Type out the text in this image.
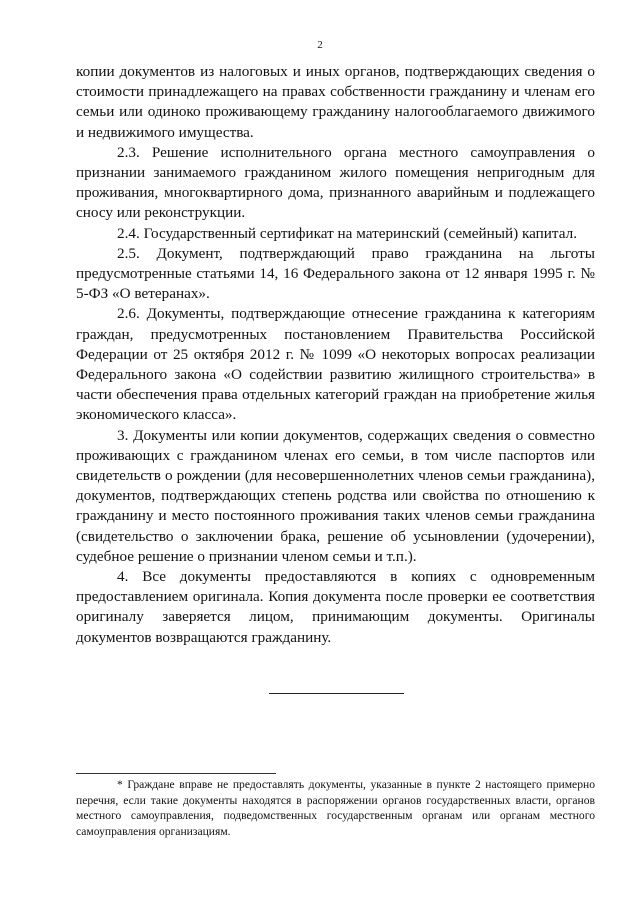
2

копии документов из налоговых и иных органов, подтверждающих сведения о стоимости принадлежащего на правах собственности гражданину и членам его семьи или одиноко проживающему гражданину налогооблагаемого движимого и недвижимого имущества.

2.3. Решение исполнительного органа местного самоуправления о признании занимаемого гражданином жилого помещения непригодным для проживания, многоквартирного дома, признанного аварийным и подлежащего сносу или реконструкции.

2.4. Государственный сертификат на материнский (семейный) капитал.

2.5. Документ, подтверждающий право гражданина на льготы предусмотренные статьями 14, 16 Федерального закона от 12 января 1995 г. № 5-ФЗ «О ветеранах».

2.6. Документы, подтверждающие отнесение гражданина к категориям граждан, предусмотренных постановлением Правительства Российской Федерации от 25 октября 2012 г. № 1099 «О некоторых вопросах реализации Федерального закона «О содействии развитию жилищного строительства» в части обеспечения права отдельных категорий граждан на приобретение жилья экономического класса».

3. Документы или копии документов, содержащих сведения о совместно проживающих с гражданином членах его семьи, в том числе паспортов или свидетельств о рождении (для несовершеннолетних членов семьи гражданина), документов, подтверждающих степень родства или свойства по отношению к гражданину и место постоянного проживания таких членов семьи гражданина (свидетельство о заключении брака, решение об усыновлении (удочерении), судебное решение о признании членом семьи и т.п.).

4. Все документы предоставляются в копиях с одновременным предоставлением оригинала. Копия документа после проверки ее соответствия оригиналу заверяется лицом, принимающим документы. Оригиналы документов возвращаются гражданину.

* Граждане вправе не предоставлять документы, указанные в пункте 2 настоящего примерно перечня, если такие документы находятся в распоряжении органов государственных власти, органов местного самоуправления, подведомственных государственным органам или органам местного самоуправления организациям.
